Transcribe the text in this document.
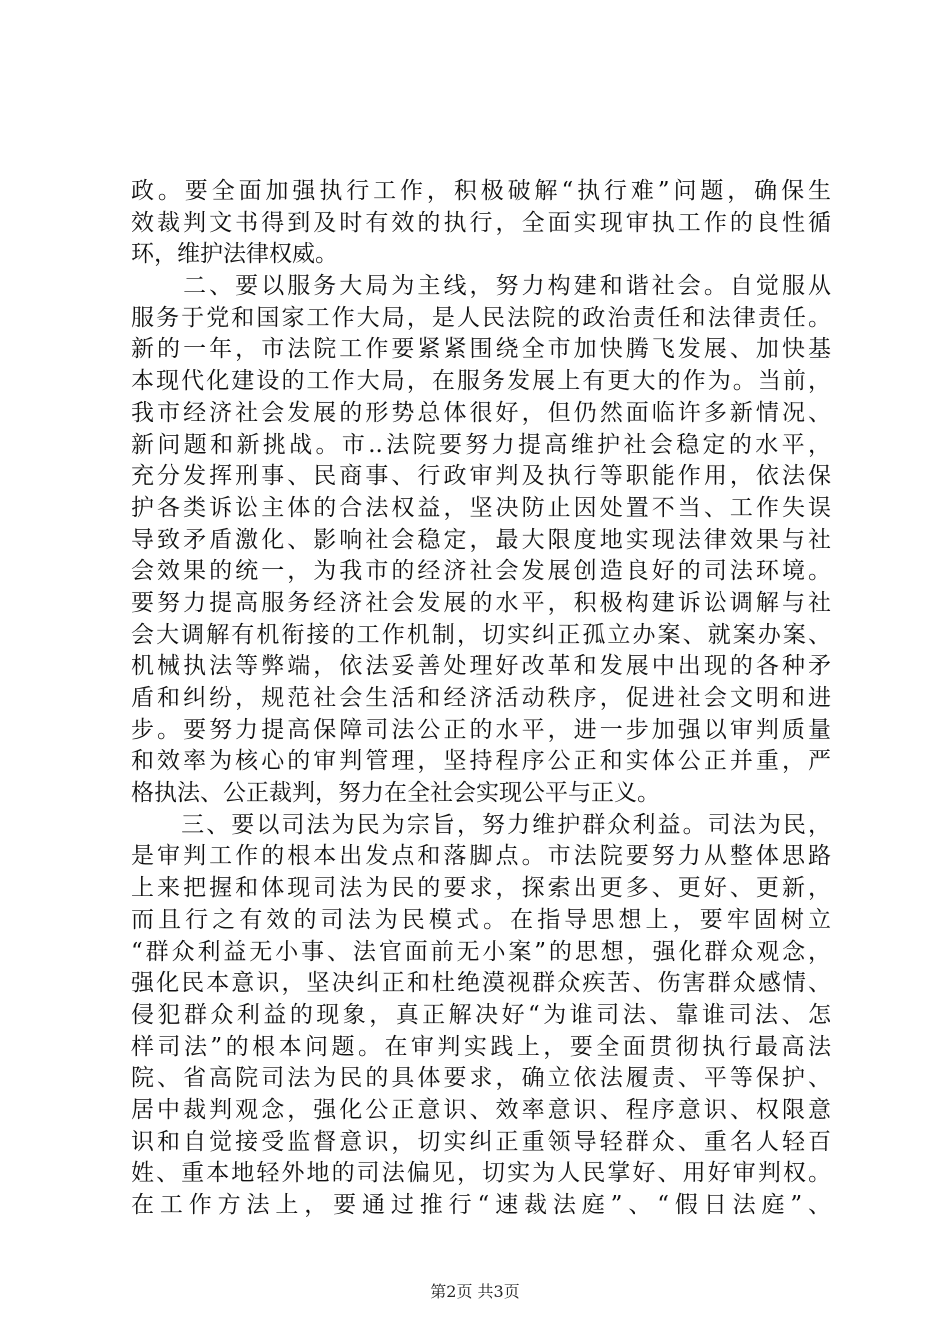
政。要全面加强执行工作，积极破解“执行难”问题，确保生
效裁判文书得到及时有效的执行，全面实现审执工作的良性循
环，维护法律权威。
　　二、要以服务大局为主线，努力构建和谐社会。自觉服从
服务于党和国家工作大局，是人民法院的政治责任和法律责任。
新的一年，市法院工作要紧紧围绕全市加快腾飞发展、加快基
本现代化建设的工作大局，在服务发展上有更大的作为。当前，
我市经济社会发展的形势总体很好，但仍然面临许多新情况、
新问题和新挑战。市..法院要努力提高维护社会稳定的水平，
充分发挥刑事、民商事、行政审判及执行等职能作用，依法保
护各类诉讼主体的合法权益，坚决防止因处置不当、工作失误
导致矛盾激化、影响社会稳定，最大限度地实现法律效果与社
会效果的统一，为我市的经济社会发展创造良好的司法环境。
要努力提高服务经济社会发展的水平，积极构建诉讼调解与社
会大调解有机衔接的工作机制，切实纠正孤立办案、就案办案、
机械执法等弊端，依法妥善处理好改革和发展中出现的各种矛
盾和纠纷，规范社会生活和经济活动秩序，促进社会文明和进
步。要努力提高保障司法公正的水平，进一步加强以审判质量
和效率为核心的审判管理，坚持程序公正和实体公正并重，严
格执法、公正裁判，努力在全社会实现公平与正义。
　　三、要以司法为民为宗旨，努力维护群众利益。司法为民，
是审判工作的根本出发点和落脚点。市法院要努力从整体思路
上来把握和体现司法为民的要求，探索出更多、更好、更新，
而且行之有效的司法为民模式。在指导思想上，要牢固树立
“群众利益无小事、法官面前无小案”的思想，强化群众观念，
强化民本意识，坚决纠正和杜绝漠视群众疾苦、伤害群众感情、
侵犯群众利益的现象，真正解决好“为谁司法、靠谁司法、怎
样司法”的根本问题。在审判实践上，要全面贯彻执行最高法
院、省高院司法为民的具体要求，确立依法履责、平等保护、
居中裁判观念，强化公正意识、效率意识、程序意识、权限意
识和自觉接受监督意识，切实纠正重领导轻群众、重名人轻百
姓、重本地轻外地的司法偏见，切实为人民掌好、用好审判权。
在工作方法上，要通过推行“速裁法庭”、“假日法庭”、
第2页 共3页
